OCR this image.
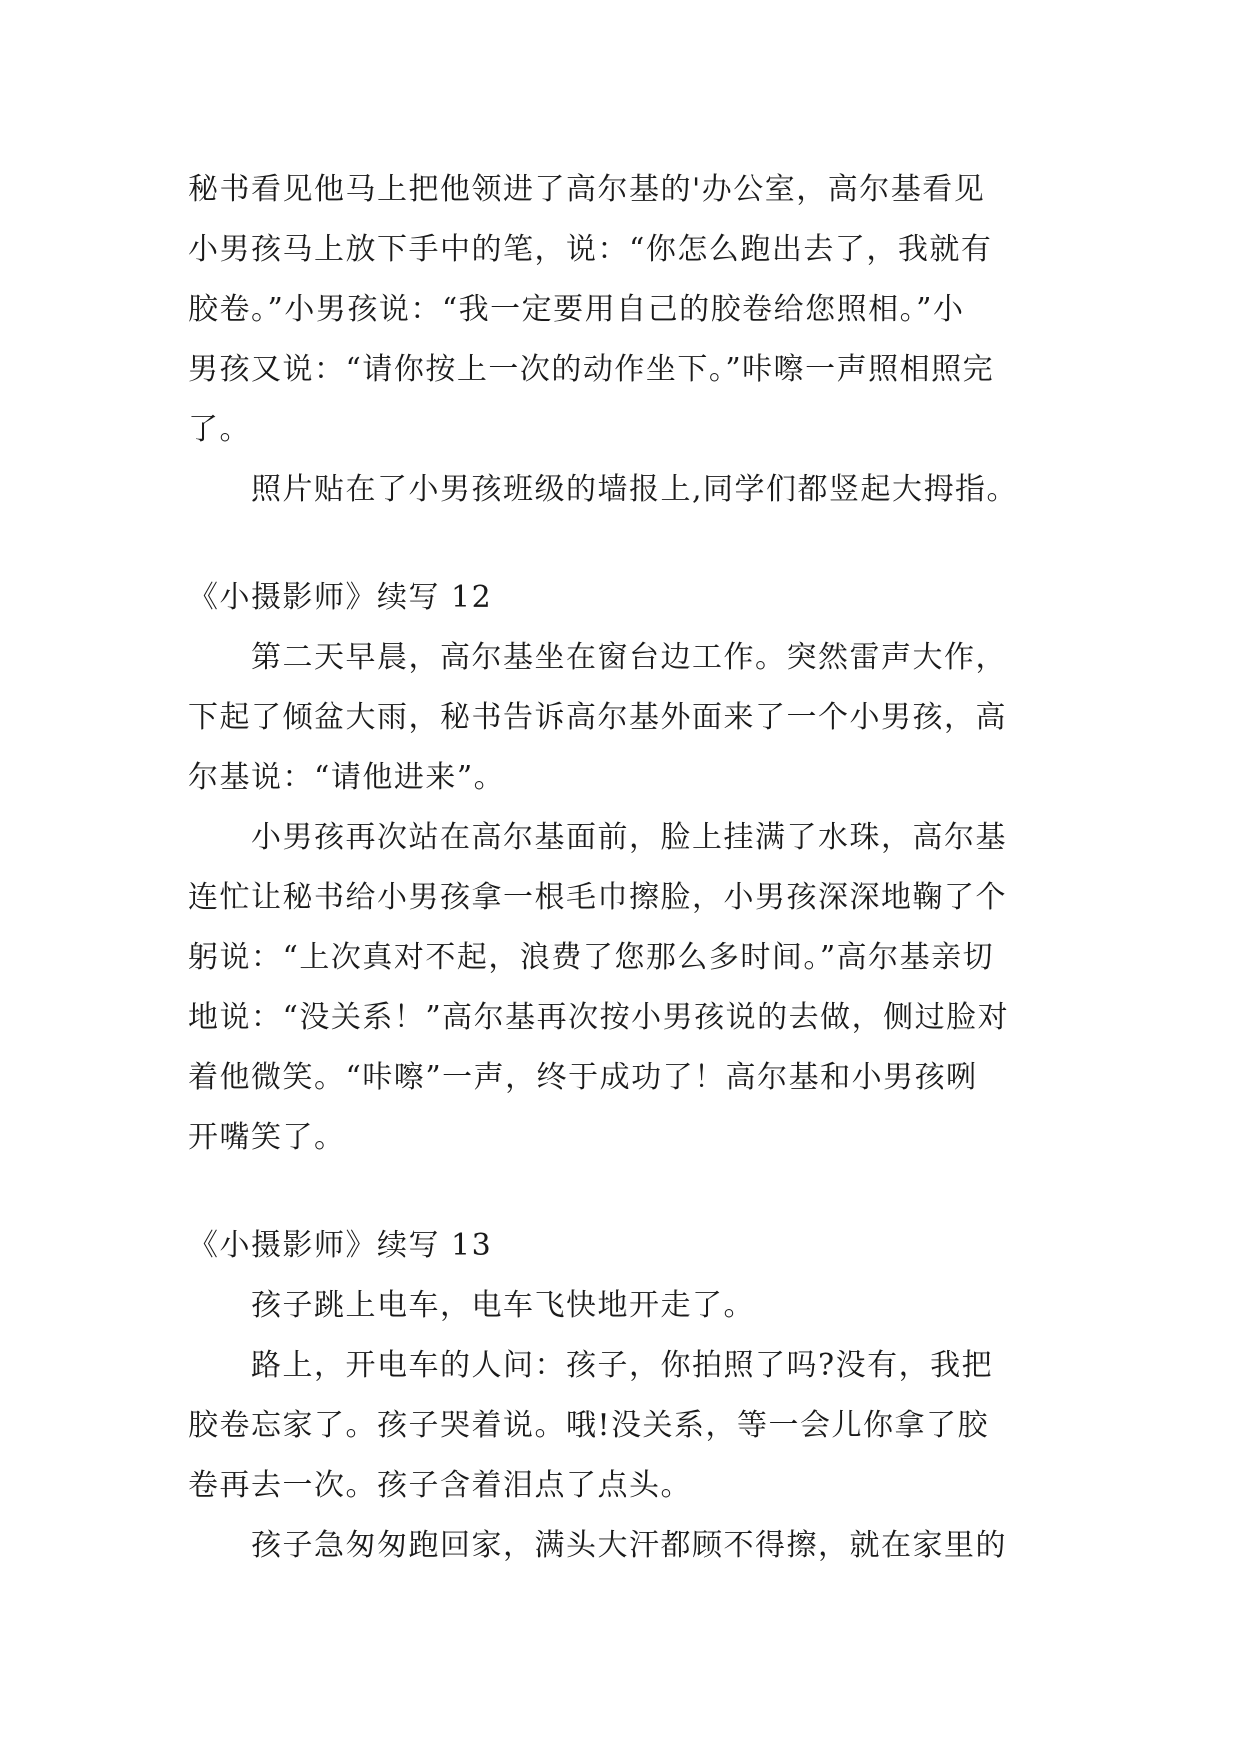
秘书看见他马上把他领进了高尔基的'办公室，高尔基看见
小男孩马上放下手中的笔，说：“你怎么跑出去了，我就有
胶卷。”小男孩说：“我一定要用自己的胶卷给您照相。”小
男孩又说：“请你按上一次的动作坐下。”咔嚓一声照相照完
了。
照片贴在了小男孩班级的墙报上,同学们都竖起大拇指。
《小摄影师》续写 12
第二天早晨，高尔基坐在窗台边工作。突然雷声大作，
下起了倾盆大雨，秘书告诉高尔基外面来了一个小男孩，高
尔基说：“请他进来”。
小男孩再次站在高尔基面前，脸上挂满了水珠，高尔基
连忙让秘书给小男孩拿一根毛巾擦脸，小男孩深深地鞠了个
躬说：“上次真对不起，浪费了您那么多时间。”高尔基亲切
地说：“没关系！”高尔基再次按小男孩说的去做，侧过脸对
着他微笑。“咔嚓”一声，终于成功了！高尔基和小男孩咧
开嘴笑了。
《小摄影师》续写 13
孩子跳上电车，电车飞快地开走了。
路上，开电车的人问：孩子，你拍照了吗?没有，我把
胶卷忘家了。孩子哭着说。哦!没关系，等一会儿你拿了胶
卷再去一次。孩子含着泪点了点头。
孩子急匆匆跑回家，满头大汗都顾不得擦，就在家里的
